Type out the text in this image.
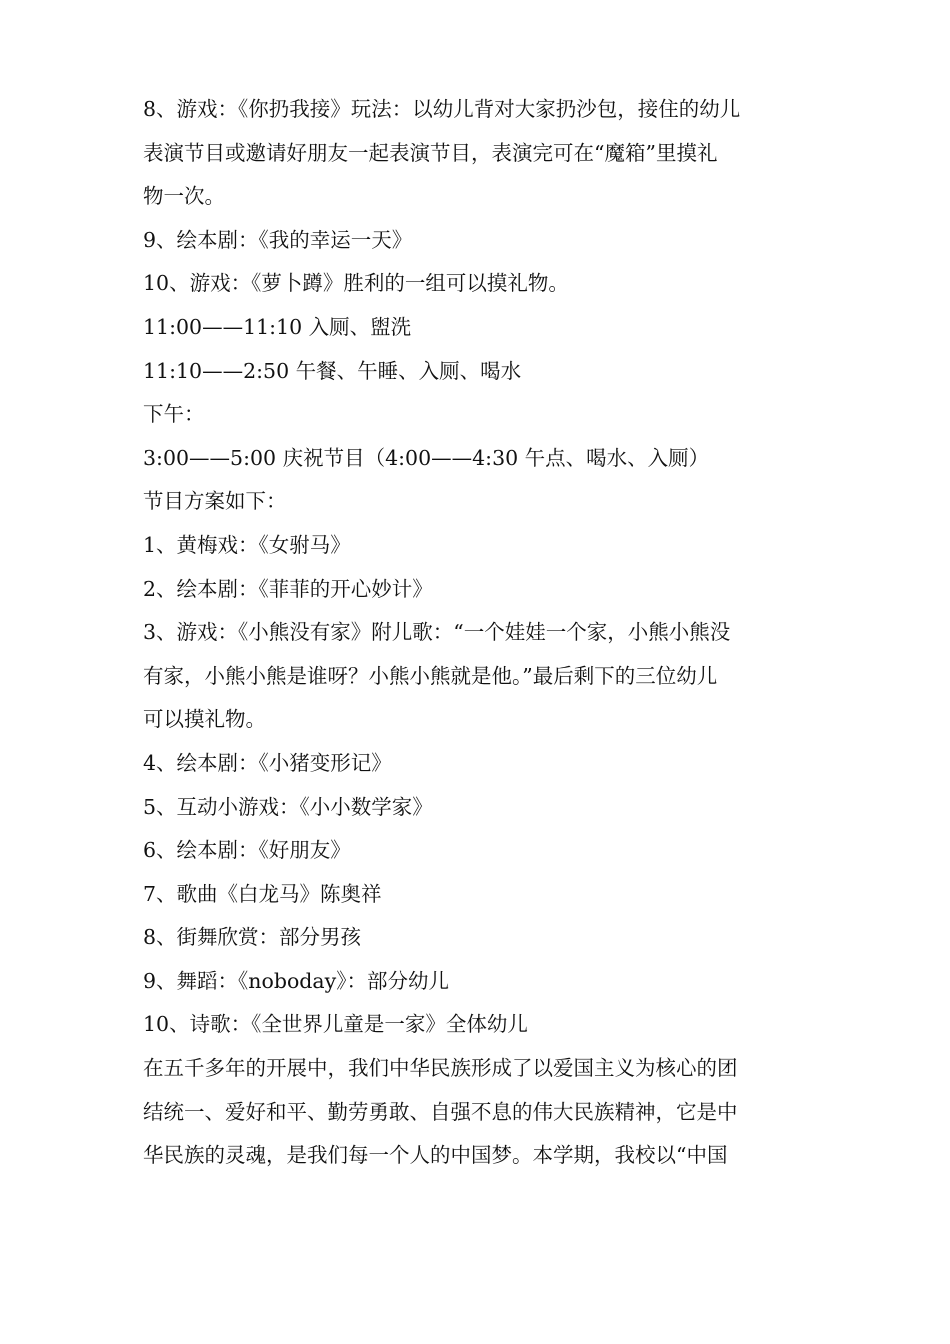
8、游戏：《你扔我接》玩法：以幼儿背对大家扔沙包，接住的幼儿
表演节目或邀请好朋友一起表演节目，表演完可在“魔箱”里摸礼
物一次。
9、绘本剧：《我的幸运一天》
10、游戏：《萝卜蹲》胜利的一组可以摸礼物。
11:00——11:10 入厕、盥洗
11:10——2:50 午餐、午睡、入厕、喝水
下午：
3:00——5:00 庆祝节目（4:00——4:30 午点、喝水、入厕）
节目方案如下：
1、黄梅戏：《女驸马》
2、绘本剧：《菲菲的开心妙计》
3、游戏：《小熊没有家》附儿歌：“一个娃娃一个家，小熊小熊没
有家，小熊小熊是谁呀？小熊小熊就是他。”最后剩下的三位幼儿
可以摸礼物。
4、绘本剧：《小猪变形记》
5、互动小游戏：《小小数学家》
6、绘本剧：《好朋友》
7、歌曲《白龙马》陈奥祥
8、街舞欣赏：部分男孩
9、舞蹈：《noboday》：部分幼儿
10、诗歌：《全世界儿童是一家》全体幼儿
在五千多年的开展中，我们中华民族形成了以爱国主义为核心的团
结统一、爱好和平、勤劳勇敢、自强不息的伟大民族精神，它是中
华民族的灵魂，是我们每一个人的中国梦。本学期，我校以“中国
